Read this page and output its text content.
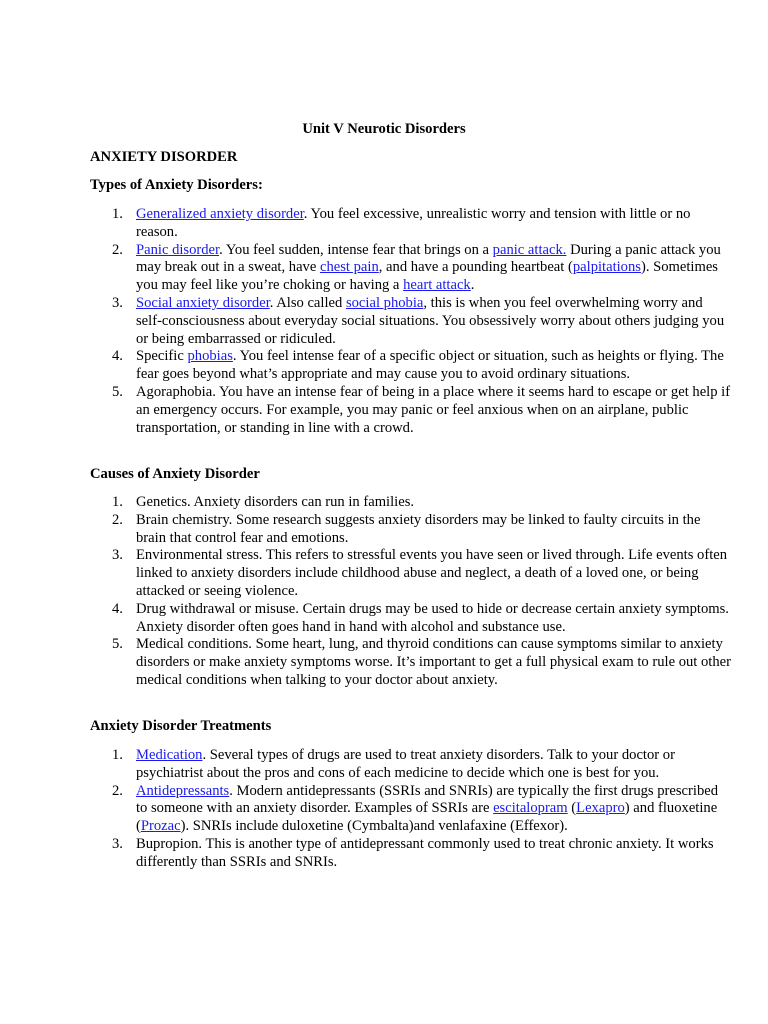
Unit V Neurotic Disorders
ANXIETY DISORDER
Types of Anxiety Disorders:
1. Generalized anxiety disorder. You feel excessive, unrealistic worry and tension with little or no reason.
2. Panic disorder. You feel sudden, intense fear that brings on a panic attack. During a panic attack you may break out in a sweat, have chest pain, and have a pounding heartbeat (palpitations). Sometimes you may feel like you’re choking or having a heart attack.
3. Social anxiety disorder. Also called social phobia, this is when you feel overwhelming worry and self-consciousness about everyday social situations. You obsessively worry about others judging you or being embarrassed or ridiculed.
4. Specific phobias. You feel intense fear of a specific object or situation, such as heights or flying. The fear goes beyond what’s appropriate and may cause you to avoid ordinary situations.
5. Agoraphobia. You have an intense fear of being in a place where it seems hard to escape or get help if an emergency occurs. For example, you may panic or feel anxious when on an airplane, public transportation, or standing in line with a crowd.
Causes of Anxiety Disorder
1. Genetics. Anxiety disorders can run in families.
2. Brain chemistry. Some research suggests anxiety disorders may be linked to faulty circuits in the brain that control fear and emotions.
3. Environmental stress. This refers to stressful events you have seen or lived through. Life events often linked to anxiety disorders include childhood abuse and neglect, a death of a loved one, or being attacked or seeing violence.
4. Drug withdrawal or misuse. Certain drugs may be used to hide or decrease certain anxiety symptoms. Anxiety disorder often goes hand in hand with alcohol and substance use.
5. Medical conditions. Some heart, lung, and thyroid conditions can cause symptoms similar to anxiety disorders or make anxiety symptoms worse. It’s important to get a full physical exam to rule out other medical conditions when talking to your doctor about anxiety.
Anxiety Disorder Treatments
1. Medication. Several types of drugs are used to treat anxiety disorders. Talk to your doctor or psychiatrist about the pros and cons of each medicine to decide which one is best for you.
2. Antidepressants. Modern antidepressants (SSRIs and SNRIs) are typically the first drugs prescribed to someone with an anxiety disorder. Examples of SSRIs are escitalopram (Lexapro) and fluoxetine (Prozac). SNRIs include duloxetine (Cymbalta)and venlafaxine (Effexor).
3. Bupropion. This is another type of antidepressant commonly used to treat chronic anxiety. It works differently than SSRIs and SNRIs.
